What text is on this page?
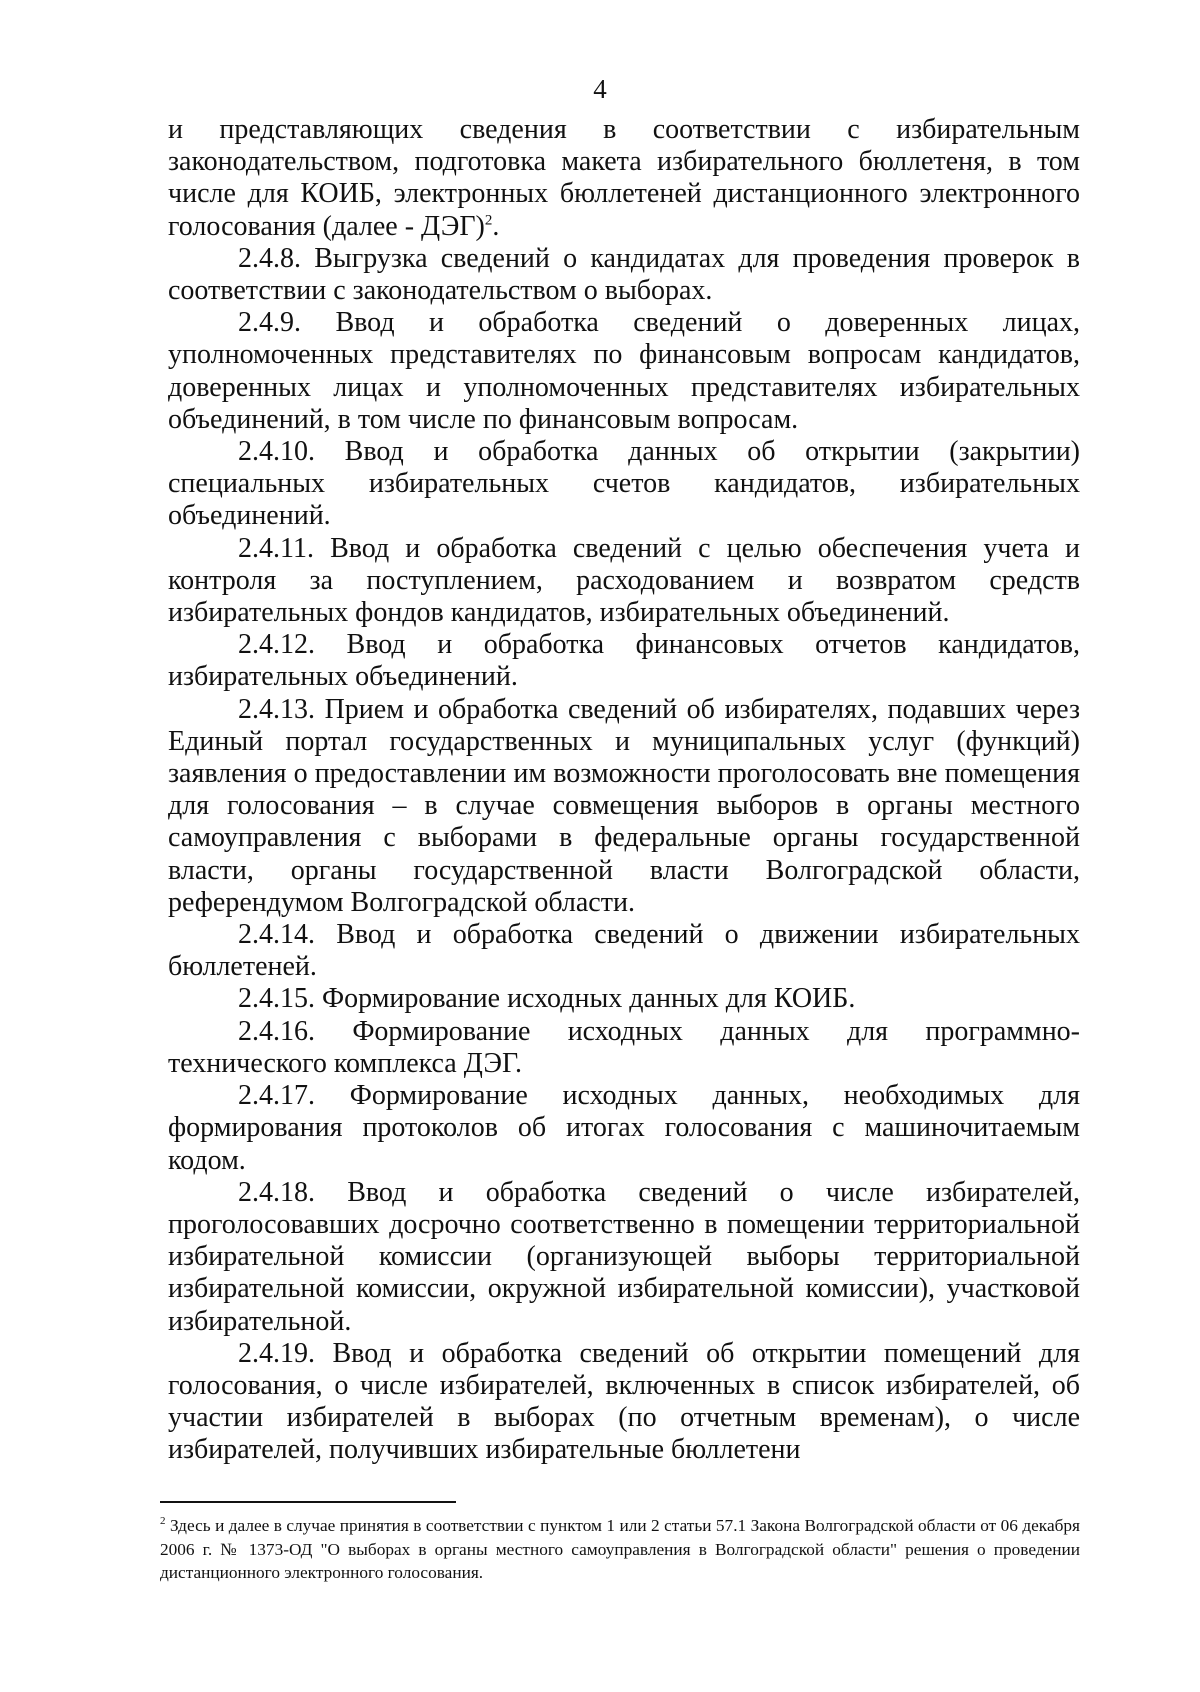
4

и представляющих сведения в соответствии с избирательным законодательством, подготовка макета избирательного бюллетеня, в том числе для КОИБ, электронных бюллетеней дистанционного электронного голосования (далее - ДЭГ)$^2$.

2.4.8. Выгрузка сведений о кандидатах для проведения проверок в соответствии с законодательством о выборах.

2.4.9. Ввод и обработка сведений о доверенных лицах, уполномоченных представителях по финансовым вопросам кандидатов, доверенных лицах и уполномоченных представителях избирательных объединений, в том числе по финансовым вопросам.

2.4.10. Ввод и обработка данных об открытии (закрытии) специальных избирательных счетов кандидатов, избирательных объединений.

2.4.11. Ввод и обработка сведений с целью обеспечения учета и контроля за поступлением, расходованием и возвратом средств избирательных фондов кандидатов, избирательных объединений.

2.4.12. Ввод и обработка финансовых отчетов кандидатов, избирательных объединений.

2.4.13. Прием и обработка сведений об избирателях, подавших через Единый портал государственных и муниципальных услуг (функций) заявления о предоставлении им возможности проголосовать вне помещения для голосования – в случае совмещения выборов в органы местного самоуправления с выборами в федеральные органы государственной власти, органы государственной власти Волгоградской области, референдумом Волгоградской области.

2.4.14. Ввод и обработка сведений о движении избирательных бюллетеней.

2.4.15. Формирование исходных данных для КОИБ.

2.4.16. Формирование исходных данных для программно-технического комплекса ДЭГ.

2.4.17. Формирование исходных данных, необходимых для формирования протоколов об итогах голосования с машиночитаемым кодом.

2.4.18. Ввод и обработка сведений о числе избирателей, проголосовавших досрочно соответственно в помещении территориальной избирательной комиссии (организующей выборы территориальной избирательной комиссии, окружной избирательной комиссии), участковой избирательной.

2.4.19. Ввод и обработка сведений об открытии помещений для голосования, о числе избирателей, включенных в список избирателей, об участии избирателей в выборах (по отчетным временам), о числе избирателей, получивших избирательные бюллетени

$^2$ Здесь и далее в случае принятия в соответствии с пунктом 1 или 2 статьи 57.1 Закона Волгоградской области от 06 декабря 2006 г. № 1373-ОД "О выборах в органы местного самоуправления в Волгоградской области" решения о проведении дистанционного электронного голосования.
